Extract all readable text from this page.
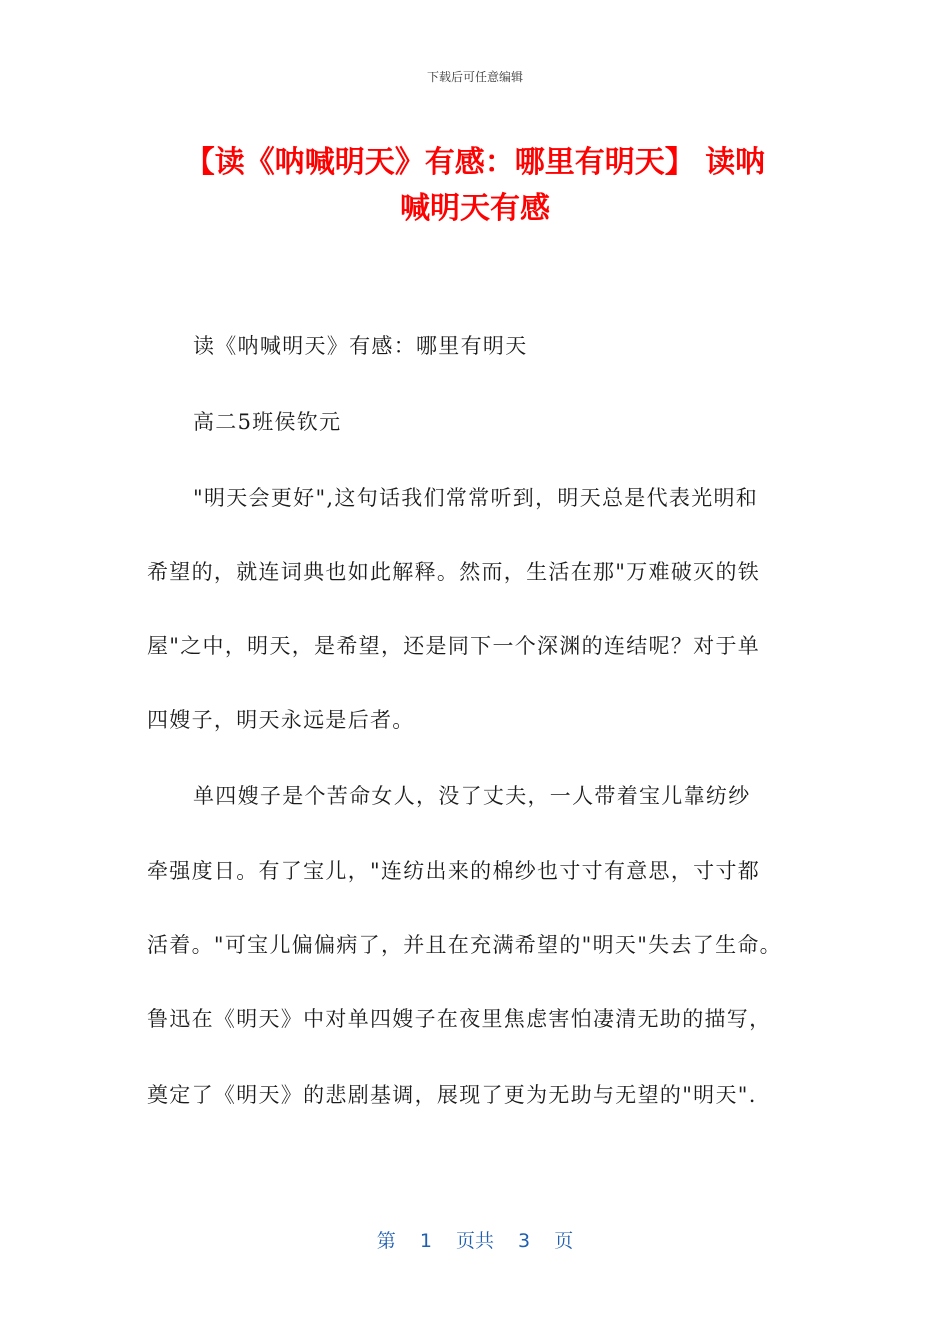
下载后可任意编辑
【读《呐喊明天》有感：哪里有明天】 读呐
喊明天有感

读《呐喊明天》有感：哪里有明天

高二5班侯钦元

"明天会更好",这句话我们常常听到，明天总是代表光明和

希望的，就连词典也如此解释。然而，生活在那"万难破灭的铁

屋"之中，明天，是希望，还是同下一个深渊的连结呢？对于单

四嫂子，明天永远是后者。

单四嫂子是个苦命女人，没了丈夫，一人带着宝儿靠纺纱

牵强度日。有了宝儿，"连纺出来的棉纱也寸寸有意思，寸寸都

活着。"可宝儿偏偏病了，并且在充满希望的"明天"失去了生命。

鲁迅在《明天》中对单四嫂子在夜里焦虑害怕凄清无助的描写，

奠定了《明天》的悲剧基调，展现了更为无助与无望的"明天".

第 1 页共 3 页
